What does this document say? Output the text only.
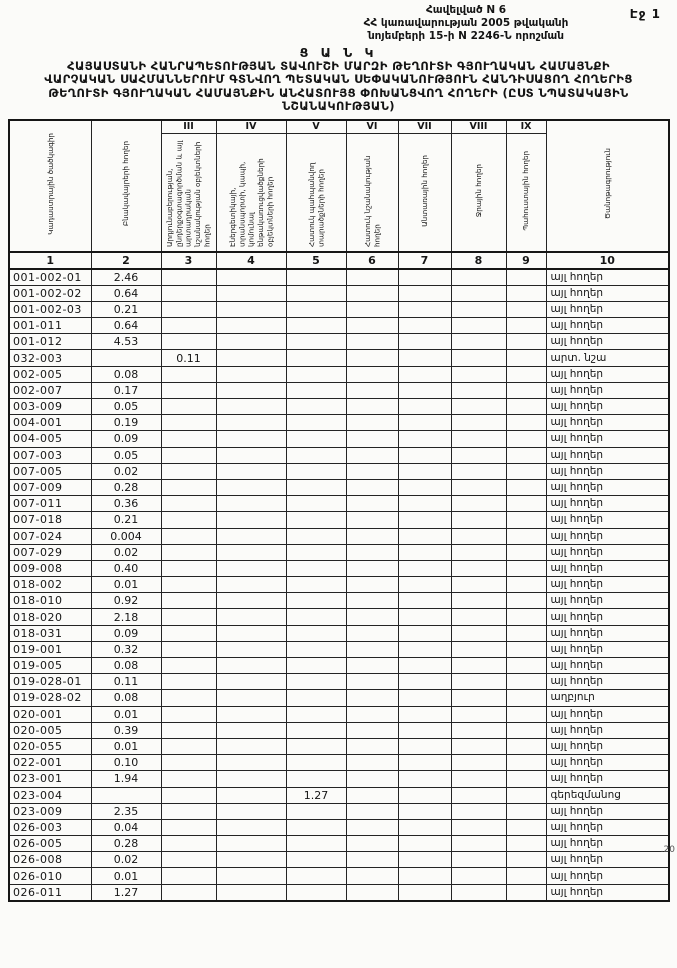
Էջ 1
Հավելված N 6
ՀՀ կառավարության 2005 թվականի
նոյեմբերի 15-ի N 2246-Ն որոշման
Ց Ա Ն Կ
ՀԱՅԱՍՏԱՆԻ ՀԱՆՐԱՊԵՏՈՒԹՅԱՆ ՏԱՎՈՒՇԻ ՄԱՐԶԻ ԹԵՂՈՒՏԻ ԳՅՈՒՂԱԿԱՆ ՀԱՄԱՅՆՔԻ
ՎԱՐՉԱԿԱՆ ՍԱՀՄԱՆՆԵՐՈՒՄ ԳՏՆՎՈՂ ՊԵՏԱԿԱՆ ՍԵՓԱԿԱՆՈՒԹՅՈՒՆ ՀԱՆԴԻՍԱՑՈՂ ՀՈՂԵՐԻՑ
ԹԵՂՈՒՏԻ ԳՅՈՒՂԱԿԱՆ ՀԱՄԱՅՆՔԻՆ ԱՆՀԱՏՈՒՅՑ ՓՈԽԱՆՑՎՈՂ ՀՈՂԵՐԻ (ԸՍՏ ՆՊԱՏԱԿԱՅԻՆ
ՆՇԱՆԱԿՈՒԹՅԱՆ)
Կադաստրային ծածկագիր	Բնակավայրերի հողեր	III	IV	V	VI	VII	VIII	IX	Ծանոթագրություն
		Արդյունաբերության, ընդերքօգտագործման և այլ արտադրական նշանակության օբյեկտների հողեր	Էներգետիկայի, տրանսպորտի, կապի, կոմունալ ենթակառուցվածքների օբյեկտների հողեր	Հատուկ պահպանվող տարածքների հողեր	Հատուկ նշանակության հողեր	Անտառային հողեր	Ջրային հողեր	Պահուստային հողեր	
1	2	3	4	5	6	7	8	9	10
001-002-01	2.46								այլ հողեր
001-002-02	0.64								այլ հողեր
001-002-03	0.21								այլ հողեր
001-011	0.64								այլ հողեր
001-012	4.53								այլ հողեր
032-003		0.11							արտ. նշա
002-005	0.08								այլ հողեր
002-007	0.17								այլ հողեր
003-009	0.05								այլ հողեր
004-001	0.19								այլ հողեր
004-005	0.09								այլ հողեր
007-003	0.05								այլ հողեր
007-005	0.02								այլ հողեր
007-009	0.28								այլ հողեր
007-011	0.36								այլ հողեր
007-018	0.21								այլ հողեր
007-024	0.004								այլ հողեր
007-029	0.02								այլ հողեր
009-008	0.40								այլ հողեր
018-002	0.01								այլ հողեր
018-010	0.92								այլ հողեր
018-020	2.18								այլ հողեր
018-031	0.09								այլ հողեր
019-001	0.32								այլ հողեր
019-005	0.08								այլ հողեր
019-028-01	0.11								այլ հողեր
019-028-02	0.08								աղբյուր
020-001	0.01								այլ հողեր
020-005	0.39								այլ հողեր
020-055	0.01								այլ հողեր
022-001	0.10								այլ հողեր
023-001	1.94								այլ հողեր
023-004				1.27					գերեզմանոց
023-009	2.35								այլ հողեր
026-003	0.04								այլ հողեր
026-005	0.28								այլ հողեր
026-008	0.02								այլ հողեր
026-010	0.01								այլ հողեր
026-011	1.27								այլ հողեր
.20
